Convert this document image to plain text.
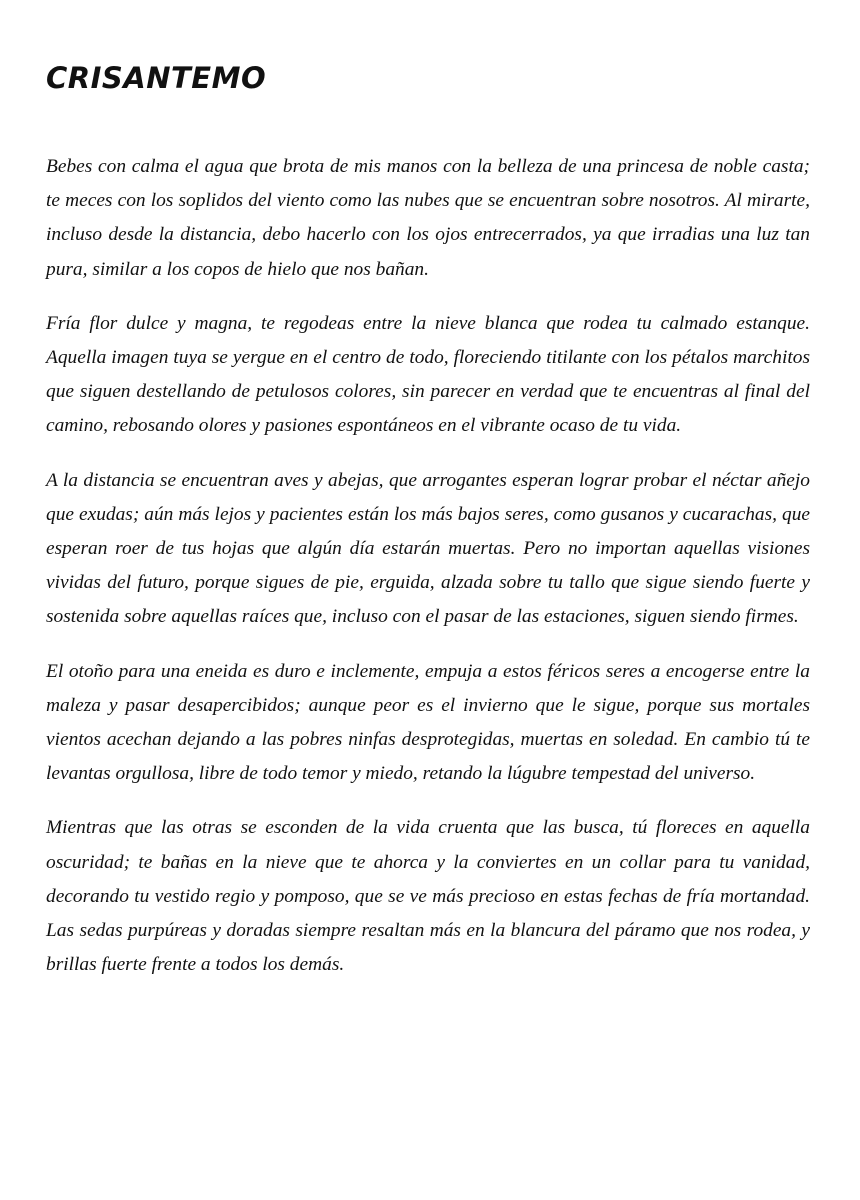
CRISANTEMO

Bebes con calma el agua que brota de mis manos con la belleza de una princesa de noble casta; te meces con los soplidos del viento como las nubes que se encuentran sobre nosotros. Al mirarte, incluso desde la distancia, debo hacerlo con los ojos entrecerrados, ya que irradias una luz tan pura, similar a los copos de hielo que nos bañan.

Fría flor dulce y magna, te regodeas entre la nieve blanca que rodea tu calmado estanque. Aquella imagen tuya se yergue en el centro de todo, floreciendo titilante con los pétalos marchitos que siguen destellando de petulosos colores, sin parecer en verdad que te encuentras al final del camino, rebosando olores y pasiones espontáneos en el vibrante ocaso de tu vida.

A la distancia se encuentran aves y abejas, que arrogantes esperan lograr probar el néctar añejo que exudas; aún más lejos y pacientes están los más bajos seres, como gusanos y cucarachas, que esperan roer de tus hojas que algún día estarán muertas. Pero no importan aquellas visiones vividas del futuro, porque sigues de pie, erguida, alzada sobre tu tallo que sigue siendo fuerte y sostenida sobre aquellas raíces que, incluso con el pasar de las estaciones, siguen siendo firmes.

El otoño para una eneida es duro e inclemente, empuja a estos féricos seres a encogerse entre la maleza y pasar desapercibidos; aunque peor es el invierno que le sigue, porque sus mortales vientos acechan dejando a las pobres ninfas desprotegidas, muertas en soledad. En cambio tú te levantas orgullosa, libre de todo temor y miedo, retando la lúgubre tempestad del universo.

Mientras que las otras se esconden de la vida cruenta que las busca, tú floreces en aquella oscuridad; te bañas en la nieve que te ahorca y la conviertes en un collar para tu vanidad, decorando tu vestido regio y pomposo, que se ve más precioso en estas fechas de fría mortandad. Las sedas purpúreas y doradas siempre resaltan más en la blancura del páramo que nos rodea, y brillas fuerte frente a todos los demás.
